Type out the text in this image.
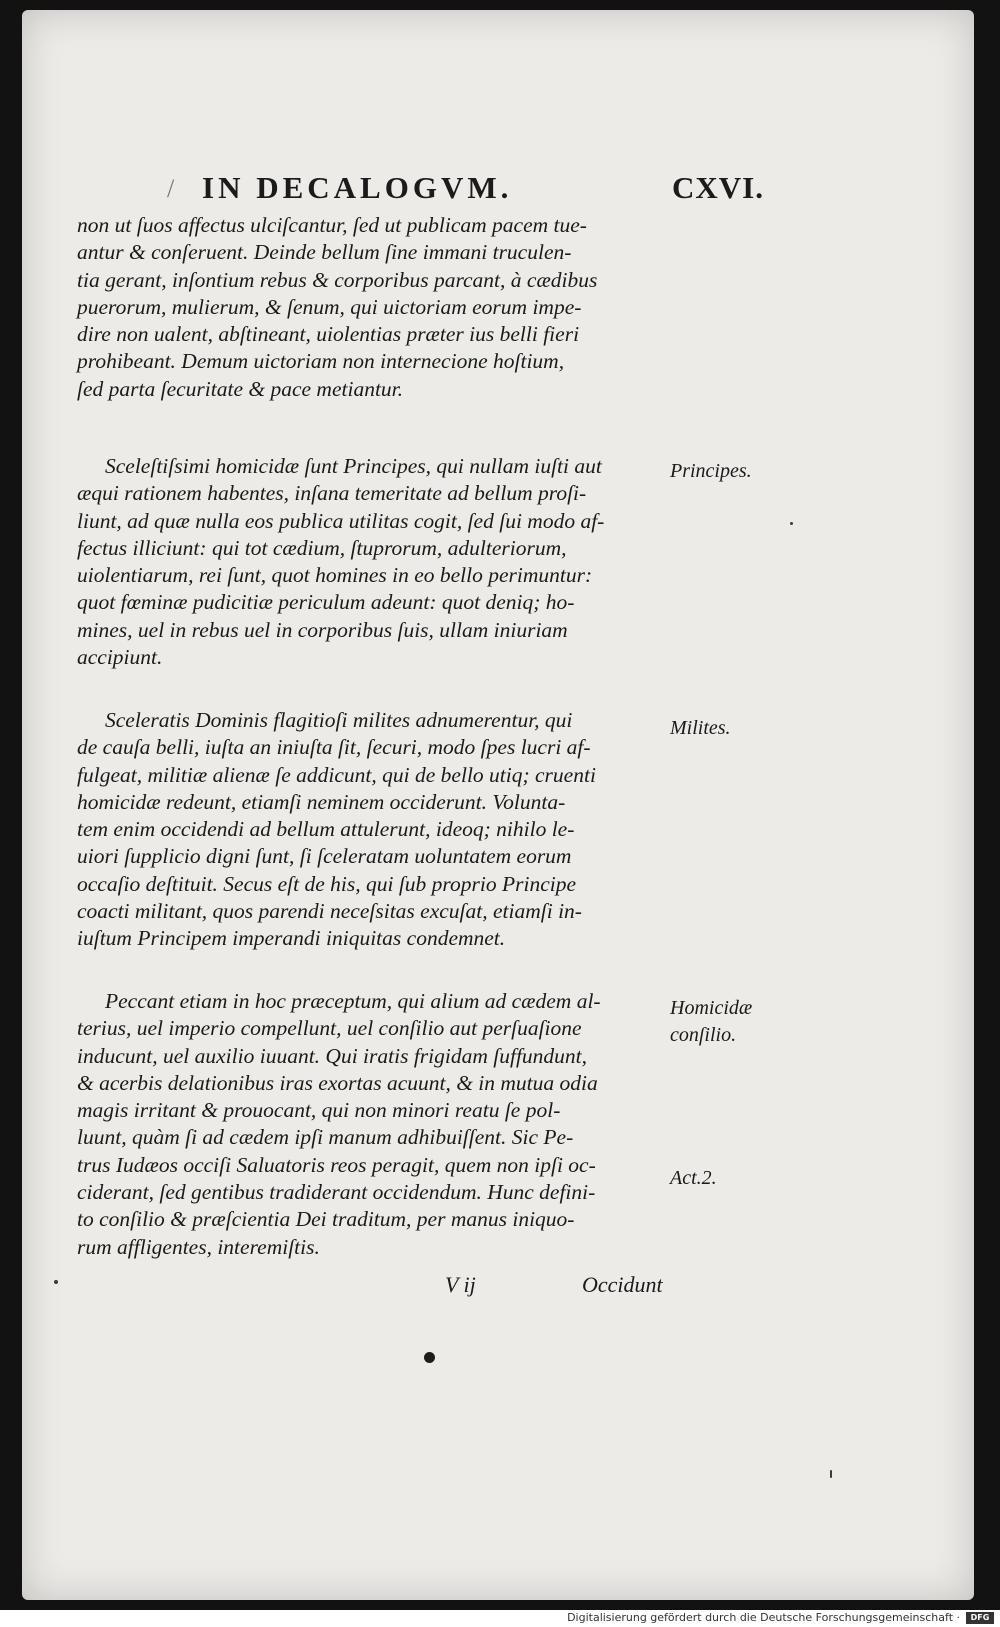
/ IN DECALOGVM.	CXVI.
non ut ſuos affectus ulciſcantur, ſed ut publicam pacem tue-
antur & conſeruent. Deinde bellum ſine immani truculen-
tia gerant, inſontium rebus & corporibus parcant, à cædibus
puerorum, mulierum, & ſenum, qui uictoriam eorum impe-
dire non ualent, abſtineant, uiolentias præter ius belli fieri
prohibeant. Demum uictoriam non internecione hoſtium,
ſed parta ſecuritate & pace metiantur.
Sceleſtiſsimi homicidæ ſunt Principes, qui nullam iuſti aut
æqui rationem habentes, inſana temeritate ad bellum proſi-
liunt, ad quæ nulla eos publica utilitas cogit, ſed ſui modo af-
fectus illiciunt: qui tot cædium, ſtuprorum, adulteriorum,
uiolentiarum, rei ſunt, quot homines in eo bello perimuntur:
quot fœminæ pudicitiæ periculum adeunt: quot deniq; ho-
mines, uel in rebus uel in corporibus ſuis, ullam iniuriam
accipiunt.
Sceleratis Dominis flagitioſi milites adnumerentur, qui
de cauſa belli, iuſta an iniuſta ſit, ſecuri, modo ſpes lucri af-
fulgeat, militiæ alienæ ſe addicunt, qui de bello utiq; cruenti
homicidæ redeunt, etiamſi neminem occiderunt. Volunta-
tem enim occidendi ad bellum attulerunt, ideoq; nihilo le-
uiori ſupplicio digni ſunt, ſi ſceleratam uoluntatem eorum
occaſio deſtituit. Secus eſt de his, qui ſub proprio Principe
coacti militant, quos parendi neceſsitas excuſat, etiamſi in-
iuſtum Principem imperandi iniquitas condemnet.
Peccant etiam in hoc præceptum, qui alium ad cædem al-
terius, uel imperio compellunt, uel conſilio aut perſuaſione
inducunt, uel auxilio iuuant. Qui iratis frigidam ſuffundunt,
& acerbis delationibus iras exortas acuunt, & in mutua odia
magis irritant & prouocant, qui non minori reatu ſe pol-
luunt, quàm ſi ad cædem ipſi manum adhibuiſſent. Sic Pe-
trus Iudæos occiſi Saluatoris reos peragit, quem non ipſi oc-
ciderant, ſed gentibus tradiderant occidendum. Hunc defini-
to conſilio & præſcientia Dei traditum, per manus iniquo-
rum affligentes, interemiſtis.
Principes.
Milites.
Homicidæ
conſilio.
Act.2.
V ij	Occidunt
Digitalisierung gefördert durch die Deutsche Forschungsgemeinschaft ·	DFG
